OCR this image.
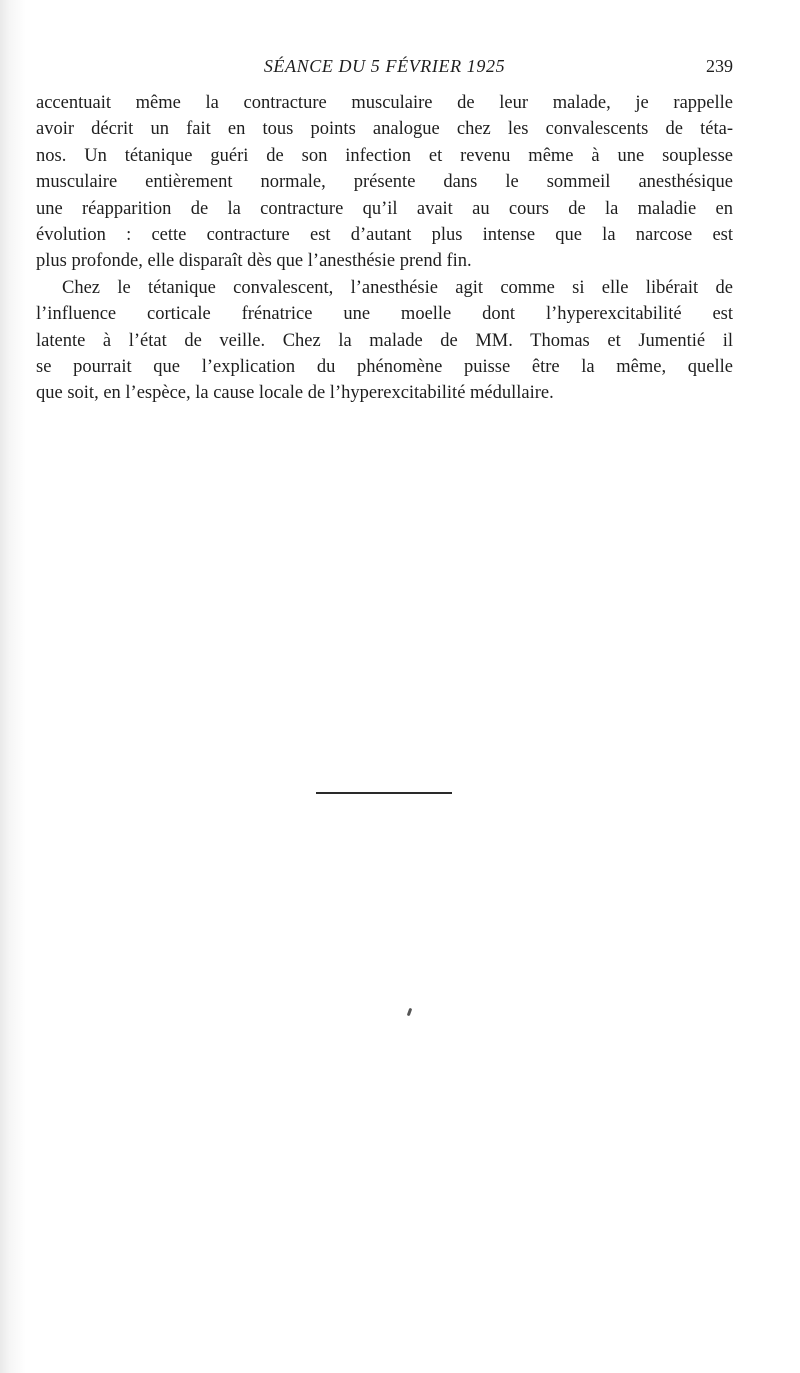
SÉANCE DU 5 FÉVRIER 1925	239
accentuait même la contracture musculaire de leur malade, je rappelle
avoir décrit un fait en tous points analogue chez les convalescents de téta-
nos. Un tétanique guéri de son infection et revenu même à une souplesse
musculaire entièrement normale, présente dans le sommeil anesthésique
une réapparition de la contracture qu’il avait au cours de la maladie en
évolution : cette contracture est d’autant plus intense que la narcose est
plus profonde, elle disparaît dès que l’anesthésie prend fin.
Chez le tétanique convalescent, l’anesthésie agit comme si elle libérait de
l’influence corticale frénatrice une moelle dont l’hyperexcitabilité est
latente à l’état de veille. Chez la malade de MM. Thomas et Jumentié il
se pourrait que l’explication du phénomène puisse être la même, quelle
que soit, en l’espèce, la cause locale de l’hyperexcitabilité médullaire.
